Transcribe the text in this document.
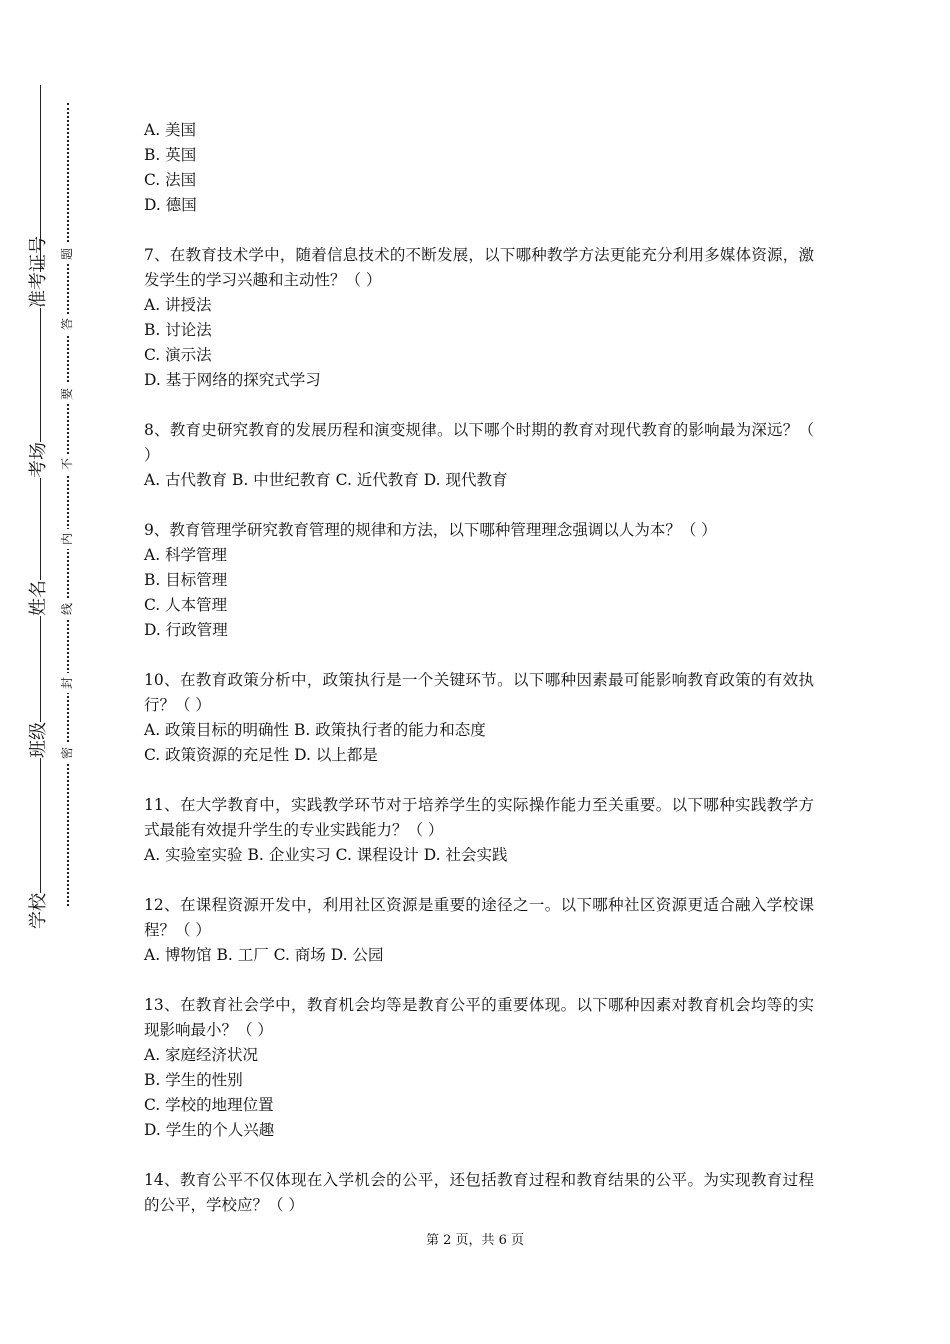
准考证号
考场
姓名
班级
学校
题
答
要
不
内
线
封
密
A. 美国
B. 英国
C. 法国
D. 德国
7、在教育技术学中，随着信息技术的不断发展，以下哪种教学方法更能充分利用多媒体资源，激发学生的学习兴趣和主动性？（ ）
A. 讲授法
B. 讨论法
C. 演示法
D. 基于网络的探究式学习
8、教育史研究教育的发展历程和演变规律。以下哪个时期的教育对现代教育的影响最为深远？（ ）
A. 古代教育 B. 中世纪教育 C. 近代教育 D. 现代教育
9、教育管理学研究教育管理的规律和方法，以下哪种管理理念强调以人为本？（ ）
A. 科学管理
B. 目标管理
C. 人本管理
D. 行政管理
10、在教育政策分析中，政策执行是一个关键环节。以下哪种因素最可能影响教育政策的有效执行？（ ）
A. 政策目标的明确性 B. 政策执行者的能力和态度
C. 政策资源的充足性 D. 以上都是
11、在大学教育中，实践教学环节对于培养学生的实际操作能力至关重要。以下哪种实践教学方式最能有效提升学生的专业实践能力？（ ）
A. 实验室实验 B. 企业实习 C. 课程设计 D. 社会实践
12、在课程资源开发中，利用社区资源是重要的途径之一。以下哪种社区资源更适合融入学校课程？（ ）
A. 博物馆 B. 工厂 C. 商场 D. 公园
13、在教育社会学中，教育机会均等是教育公平的重要体现。以下哪种因素对教育机会均等的实现影响最小？（ ）
A. 家庭经济状况
B. 学生的性别
C. 学校的地理位置
D. 学生的个人兴趣
14、教育公平不仅体现在入学机会的公平，还包括教育过程和教育结果的公平。为实现教育过程的公平，学校应？（ ）
第 2 页，共 6 页
